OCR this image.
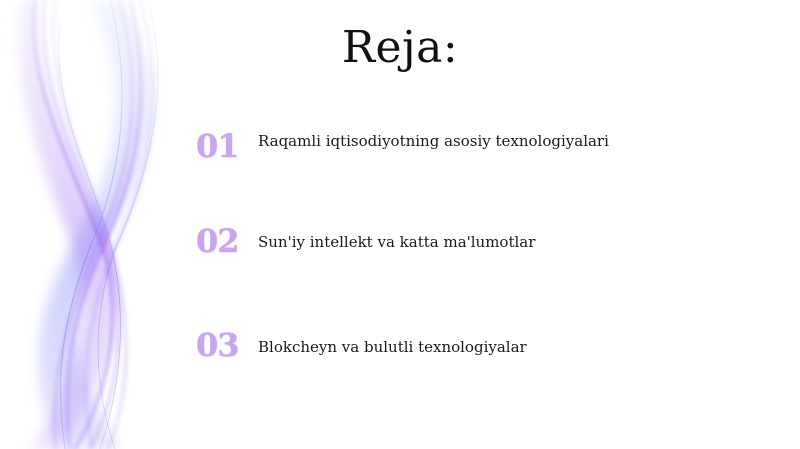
Reja:
01	Raqamli iqtisodiyotning asosiy texnologiyalari
02	Sun'iy intellekt va katta ma'lumotlar
03	Blokcheyn va bulutli texnologiyalar
